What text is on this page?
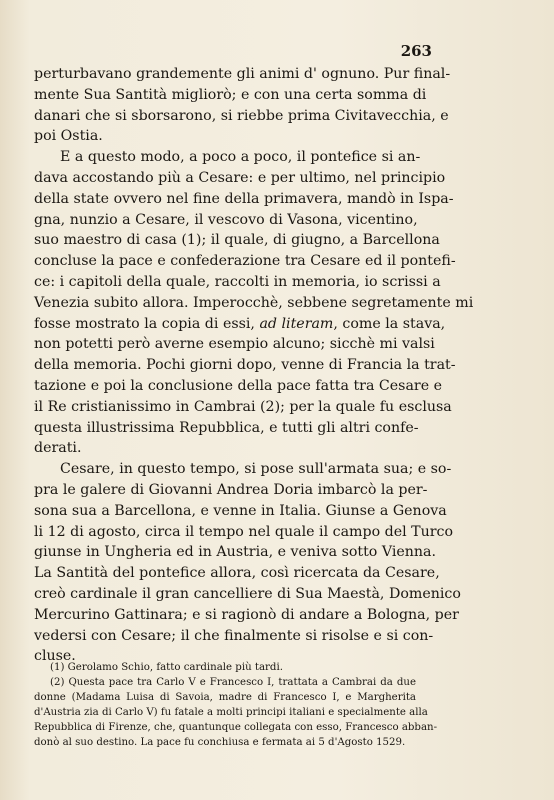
263
perturbavano grandemente gli animi d' ognuno. Pur final-
mente Sua Santità migliorò; e con una certa somma di
danari che si sborsarono, si riebbe prima Civitavecchia, e
poi Ostia.
E a questo modo, a poco a poco, il pontefice si an-
dava accostando più a Cesare: e per ultimo, nel principio
della state ovvero nel fine della primavera, mandò in Ispa-
gna, nunzio a Cesare, il vescovo di Vasona, vicentino,
suo maestro di casa (1); il quale, di giugno, a Barcellona
concluse la pace e confederazione tra Cesare ed il pontefi-
ce: i capitoli della quale, raccolti in memoria, io scrissi a
Venezia subito allora. Imperocchè, sebbene segretamente mi
fosse mostrato la copia di essi, ad literam, come la stava,
non potetti però averne esempio alcuno; sicchè mi valsi
della memoria. Pochi giorni dopo, venne di Francia la trat-
tazione e poi la conclusione della pace fatta tra Cesare e
il Re cristianissimo in Cambrai (2); per la quale fu esclusa
questa illustrissima Repubblica, e tutti gli altri confe-
derati.
Cesare, in questo tempo, si pose sull'armata sua; e so-
pra le galere di Giovanni Andrea Doria imbarcò la per-
sona sua a Barcellona, e venne in Italia. Giunse a Genova
li 12 di agosto, circa il tempo nel quale il campo del Turco
giunse in Ungheria ed in Austria, e veniva sotto Vienna.
La Santità del pontefice allora, così ricercata da Cesare,
creò cardinale il gran cancelliere di Sua Maestà, Domenico
Mercurino Gattinara; e si ragionò di andare a Bologna, per
vedersi con Cesare; il che finalmente si risolse e si con-
cluse.
(1) Gerolamo Schio, fatto cardinale più tardi.
(2) Questa pace tra Carlo V e Francesco I, trattata a Cambrai da due
donne (Madama Luisa di Savoia, madre di Francesco I, e Margherita
d'Austria zia di Carlo V) fu fatale a molti principi italiani e specialmente alla
Repubblica di Firenze, che, quantunque collegata con esso, Francesco abban-
donò al suo destino. La pace fu conchiusa e fermata ai 5 d'Agosto 1529.
